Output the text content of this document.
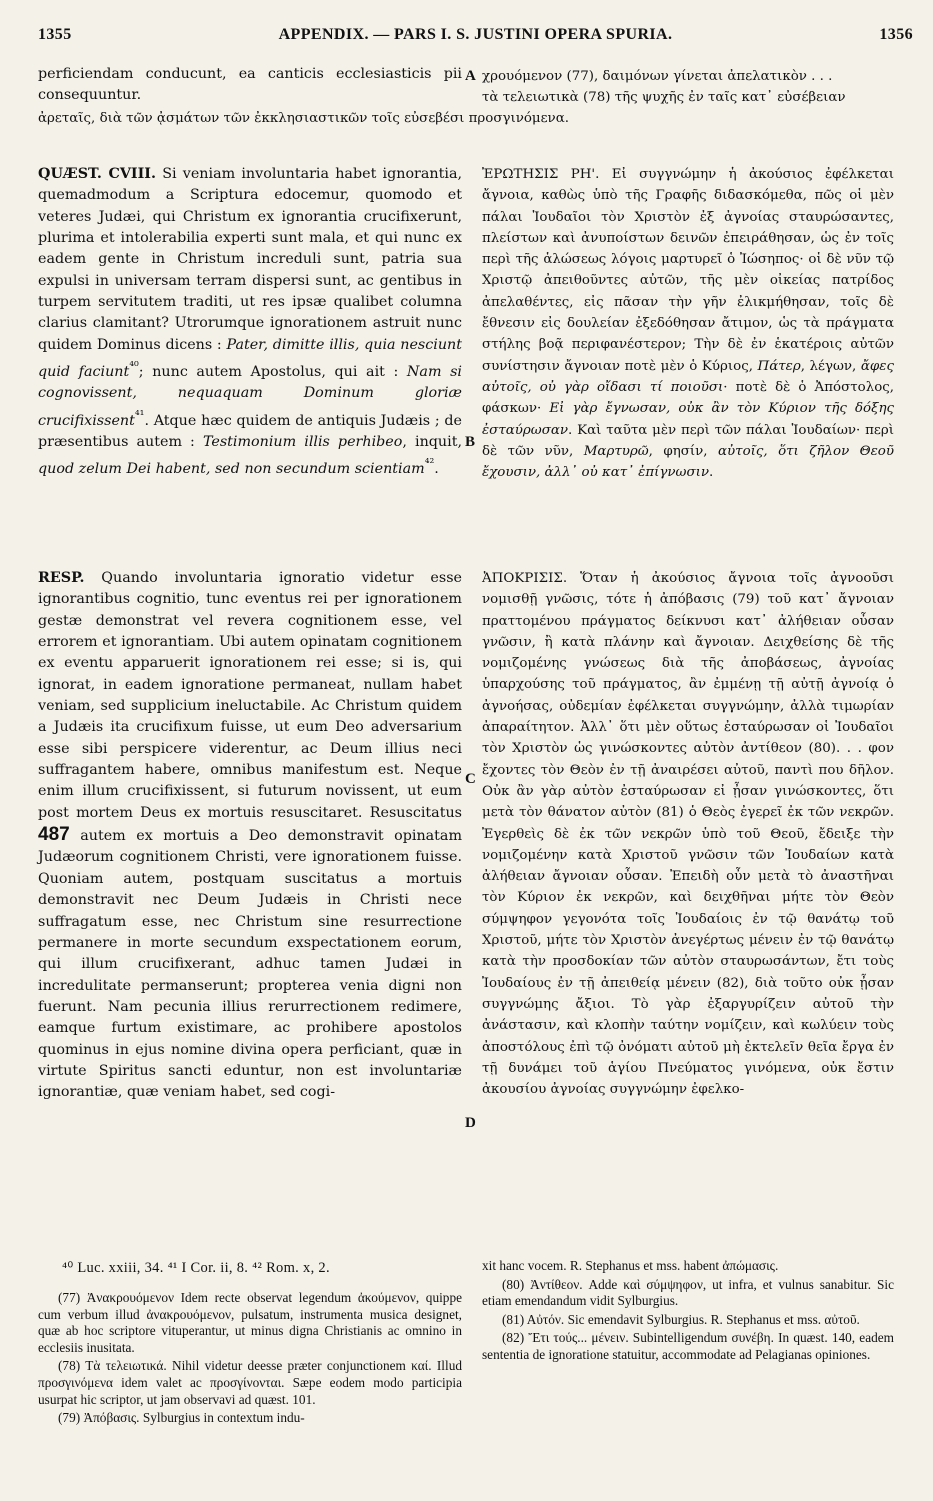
1355	APPENDIX. — PARS I. S. JUSTINI OPERA SPURIA.	1356
A
B
C
D

perficiendam conducunt, ea canticis ecclesiasticis pii consequuntur.

χρουόμενον (77), δαιμόνων γίνεται ἀπελατικὸν . . .

τὰ τελειωτικὰ (78) τῆς ψυχῆς ἐν ταῖς κατ᾽ εὐσέβειαν

ἀρεταῖς, διὰ τῶν ᾀσμάτων τῶν ἐκκλησιαστικῶν τοῖς εὐσεβέσι προσγινόμενα.

QUÆST. CVIII. Si veniam involuntaria habet ignorantia, quemadmodum a Scriptura edocemur, quomodo et veteres Judæi, qui Christum ex ignorantia crucifixerunt, plurima et intolerabilia experti sunt mala, et qui nunc ex eadem gente in Christum increduli sunt, patria sua expulsi in universam terram dispersi sunt, ac gentibus in turpem servitutem traditi, ut res ipsæ qualibet columna clarius clamitant? Utrorumque ignorationem astruit nunc quidem Dominus dicens : Pater, dimitte illis, quia nesciunt quid faciunt$^{^{40}}$; nunc autem Apostolus, qui ait : Nam si cognovissent, nequaquam Dominum gloriæ crucifixissent$^{^{41}}$. Atque hæc quidem de antiquis Judæis ; de præsentibus autem : Testimonium illis perhibeo, inquit, quod zelum Dei habent, sed non secundum scientiam$^{^{42}}$.

ἘΡΩΤΗΣΙΣ ΡΗ'. Εἰ συγγνώμην ἡ ἀκούσιος ἐφέλκεται ἄγνοια, καθὼς ὑπὸ τῆς Γραφῆς διδασκόμεθα, πῶς οἱ μὲν πάλαι Ἰουδαῖοι τὸν Χριστὸν ἐξ ἀγνοίας σταυρώσαντες, πλείστων καὶ ἀνυποίστων δεινῶν ἐπειράθησαν, ὡς ἐν τοῖς περὶ τῆς ἁλώσεως λόγοις μαρτυρεῖ ὁ Ἰώσηπος· οἱ δὲ νῦν τῷ Χριστῷ ἀπειθοῦντες αὐτῶν, τῆς μὲν οἰκείας πατρίδος ἀπελαθέντες, εἰς πᾶσαν τὴν γῆν ἐλικμήθησαν, τοῖς δὲ ἔθνεσιν εἰς δουλείαν ἐξεδόθησαν ἄτιμον, ὡς τὰ πράγματα στήλης βοᾷ περιφανέστερον; Τὴν δὲ ἐν ἑκατέροις αὐτῶν συνίστησιν ἄγνοιαν ποτὲ μὲν ὁ Κύριος, Πάτερ, λέγων, ἄφες αὐτοῖς, οὐ γὰρ οἴδασι τί ποιοῦσι· ποτὲ δὲ ὁ Ἀπόστολος, φάσκων· Εἰ γὰρ ἔγνωσαν, οὐκ ἂν τὸν Κύριον τῆς δόξης ἐσταύρωσαν. Καὶ ταῦτα μὲν περὶ τῶν πάλαι Ἰουδαίων· περὶ δὲ τῶν νῦν, Μαρτυρῶ, φησίν, αὐτοῖς, ὅτι ζῆλον Θεοῦ ἔχουσιν, ἀλλ᾽ οὐ κατ᾽ ἐπίγνωσιν.

RESP. Quando involuntaria ignoratio videtur esse ignorantibus cognitio, tunc eventus rei per ignorationem gestæ demonstrat vel revera cognitionem esse, vel errorem et ignorantiam. Ubi autem opinatam cognitionem ex eventu apparuerit ignorationem rei esse; si is, qui ignorat, in eadem ignoratione permaneat, nullam habet veniam, sed supplicium ineluctabile. Ac Christum quidem a Judæis ita crucifixum fuisse, ut eum Deo adversarium esse sibi perspicere viderentur, ac Deum illius neci suffragantem habere, omnibus manifestum est. Neque enim illum crucifixissent, si futurum novissent, ut eum post mortem Deus ex mortuis resuscitaret. Resuscitatus 487 autem ex mortuis a Deo demonstravit opinatam Judæorum cognitionem Christi, vere ignorationem fuisse. Quoniam autem, postquam suscitatus a mortuis demonstravit nec Deum Judæis in Christi nece suffragatum esse, nec Christum sine resurrectione permanere in morte secundum exspectationem eorum, qui illum crucifixerant, adhuc tamen Judæi in incredulitate permanserunt; propterea venia digni non fuerunt. Nam pecunia illius rerurrectionem redimere, eamque furtum existimare, ac prohibere apostolos quominus in ejus nomine divina opera perficiant, quæ in virtute Spiritus sancti eduntur, non est involuntariæ ignorantiæ, quæ veniam habet, sed cogi-

ἈΠΟΚΡΙΣΙΣ. Ὅταν ἡ ἀκούσιος ἄγνοια τοῖς ἀγνοοῦσι νομισθῇ γνῶσις, τότε ἡ ἀπόβασις (79) τοῦ κατ᾽ ἄγνοιαν πραττομένου πράγματος δείκνυσι κατ᾽ ἀλήθειαν οὖσαν γνῶσιν, ἢ κατὰ πλάνην καὶ ἄγνοιαν. Δειχθείσης δὲ τῆς νομιζομένης γνώσεως διὰ τῆς ἀποβάσεως, ἀγνοίας ὑπαρχούσης τοῦ πράγματος, ἂν ἐμμένῃ τῇ αὐτῇ ἀγνοίᾳ ὁ ἀγνοήσας, οὐδεμίαν ἐφέλκεται συγγνώμην, ἀλλὰ τιμωρίαν ἀπαραίτητον. Ἀλλ᾽ ὅτι μὲν οὕτως ἐσταύρωσαν οἱ Ἰουδαῖοι τὸν Χριστὸν ὡς γινώσκοντες αὐτὸν ἀντίθεον (80). . . φον ἔχοντες τὸν Θεὸν ἐν τῇ ἀναιρέσει αὐτοῦ, παντὶ που δῆλον. Οὐκ ἂν γὰρ αὐτὸν ἐσταύρωσαν εἰ ᾖσαν γινώσκοντες, ὅτι μετὰ τὸν θάνατον αὐτὸν (81) ὁ Θεὸς ἐγερεῖ ἐκ τῶν νεκρῶν. Ἐγερθεὶς δὲ ἐκ τῶν νεκρῶν ὑπὸ τοῦ Θεοῦ, ἔδειξε τὴν νομιζομένην κατὰ Χριστοῦ γνῶσιν τῶν Ἰουδαίων κατὰ ἀλήθειαν ἄγνοιαν οὖσαν. Ἐπειδὴ οὖν μετὰ τὸ ἀναστῆναι τὸν Κύριον ἐκ νεκρῶν, καὶ δειχθῆναι μήτε τὸν Θεὸν σύμψηφον γεγονότα τοῖς Ἰουδαίοις ἐν τῷ θανάτῳ τοῦ Χριστοῦ, μήτε τὸν Χριστὸν ἀνεγέρτως μένειν ἐν τῷ θανάτῳ κατὰ τὴν προσδοκίαν τῶν αὐτὸν σταυρωσάντων, ἔτι τοὺς Ἰουδαίους ἐν τῇ ἀπειθείᾳ μένειν (82), διὰ τοῦτο οὐκ ᾖσαν συγγνώμης ἄξιοι. Τὸ γὰρ ἐξαργυρίζειν αὐτοῦ τὴν ἀνάστασιν, καὶ κλοπὴν ταύτην νομίζειν, καὶ κωλύειν τοὺς ἀποστόλους ἐπὶ τῷ ὀνόματι αὐτοῦ μὴ ἐκτελεῖν θεῖα ἔργα ἐν τῇ δυνάμει τοῦ ἁγίου Πνεύματος γινόμενα, οὐκ ἔστιν ἀκουσίου ἀγνοίας συγγνώμην ἐφελκο-

⁴⁰ Luc. xxiii, 34. ⁴¹ I Cor. ii, 8. ⁴² Rom. x, 2.

(77) Ἀνακρουόμενον Idem recte observat legendum ἀκούμενον, quippe cum verbum illud ἀνακρουόμενον, pulsatum, instrumenta musica designet, quæ ab hoc scriptore vituperantur, ut minus digna Christianis ac omnino in ecclesiis inusitata.

(78) Τὰ τελειωτικά. Nihil videtur deesse præter conjunctionem καί. Illud προσγινόμενα idem valet ac προσγίνονται. Sæpe eodem modo participia usurpat hic scriptor, ut jam observavi ad quæst. 101.

(79) Ἀπόβασις. Sylburgius in contextum indu-

xit hanc vocem. R. Stephanus et mss. habent ἀπώμασις.

(80) Ἀντίθεον. Adde καὶ σύμψηφον, ut infra, et vulnus sanabitur. Sic etiam emendandum vidit Sylburgius.

(81) Αὐτόν. Sic emendavit Sylburgius. R. Stephanus et mss. αὐτοῦ.

(82) Ἔτι τούς... μένειν. Subintelligendum συνέβη. In quæst. 140, eadem sententia de ignoratione statuitur, accommodate ad Pelagianas opiniones.
